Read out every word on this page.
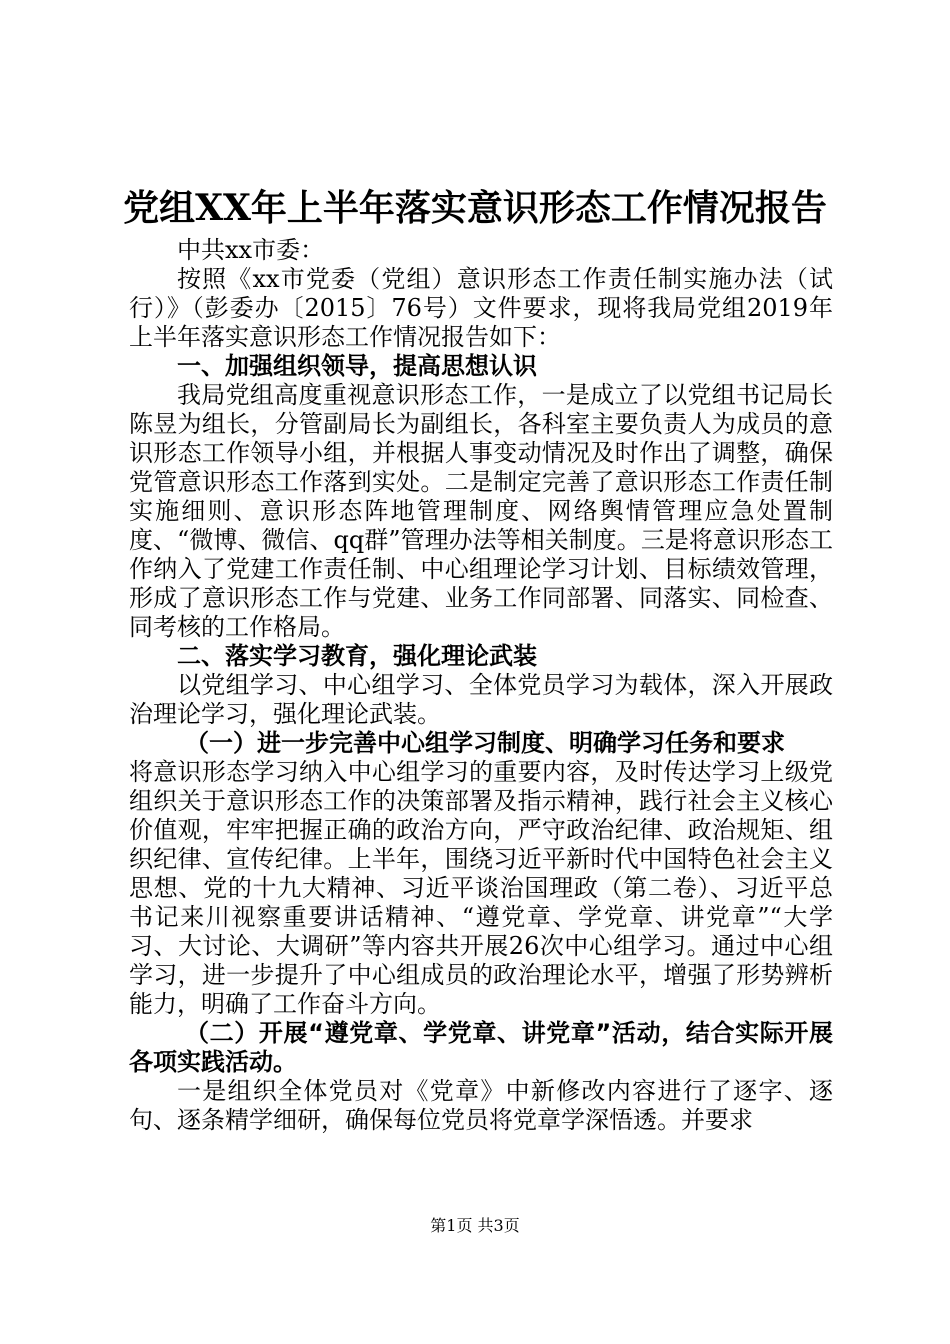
党组XX年上半年落实意识形态工作情况报告

中共xx市委：

按照《xx市党委（党组）意识形态工作责任制实施办法（试行）》（彭委办〔2015〕76号）文件要求，现将我局党组2019年上半年落实意识形态工作情况报告如下：

一、加强组织领导，提高思想认识

我局党组高度重视意识形态工作，一是成立了以党组书记局长陈昱为组长，分管副局长为副组长，各科室主要负责人为成员的意识形态工作领导小组，并根据人事变动情况及时作出了调整，确保党管意识形态工作落到实处。二是制定完善了意识形态工作责任制实施细则、意识形态阵地管理制度、网络舆情管理应急处置制度、“微博、微信、qq群”管理办法等相关制度。三是将意识形态工作纳入了党建工作责任制、中心组理论学习计划、目标绩效管理，形成了意识形态工作与党建、业务工作同部署、同落实、同检查、同考核的工作格局。

二、落实学习教育，强化理论武装

以党组学习、中心组学习、全体党员学习为载体，深入开展政治理论学习，强化理论武装。

（一）进一步完善中心组学习制度、明确学习任务和要求

将意识形态学习纳入中心组学习的重要内容，及时传达学习上级党组织关于意识形态工作的决策部署及指示精神，践行社会主义核心价值观，牢牢把握正确的政治方向，严守政治纪律、政治规矩、组织纪律、宣传纪律。上半年，围绕习近平新时代中国特色社会主义思想、党的十九大精神、习近平谈治国理政（第二卷）、习近平总书记来川视察重要讲话精神、“遵党章、学党章、讲党章”“大学习、大讨论、大调研”等内容共开展26次中心组学习。通过中心组学习，进一步提升了中心组成员的政治理论水平，增强了形势辨析能力，明确了工作奋斗方向。

（二）开展“遵党章、学党章、讲党章”活动，结合实际开展各项实践活动。

一是组织全体党员对《党章》中新修改内容进行了逐字、逐句、逐条精学细研，确保每位党员将党章学深悟透。并要求

第1页 共3页
